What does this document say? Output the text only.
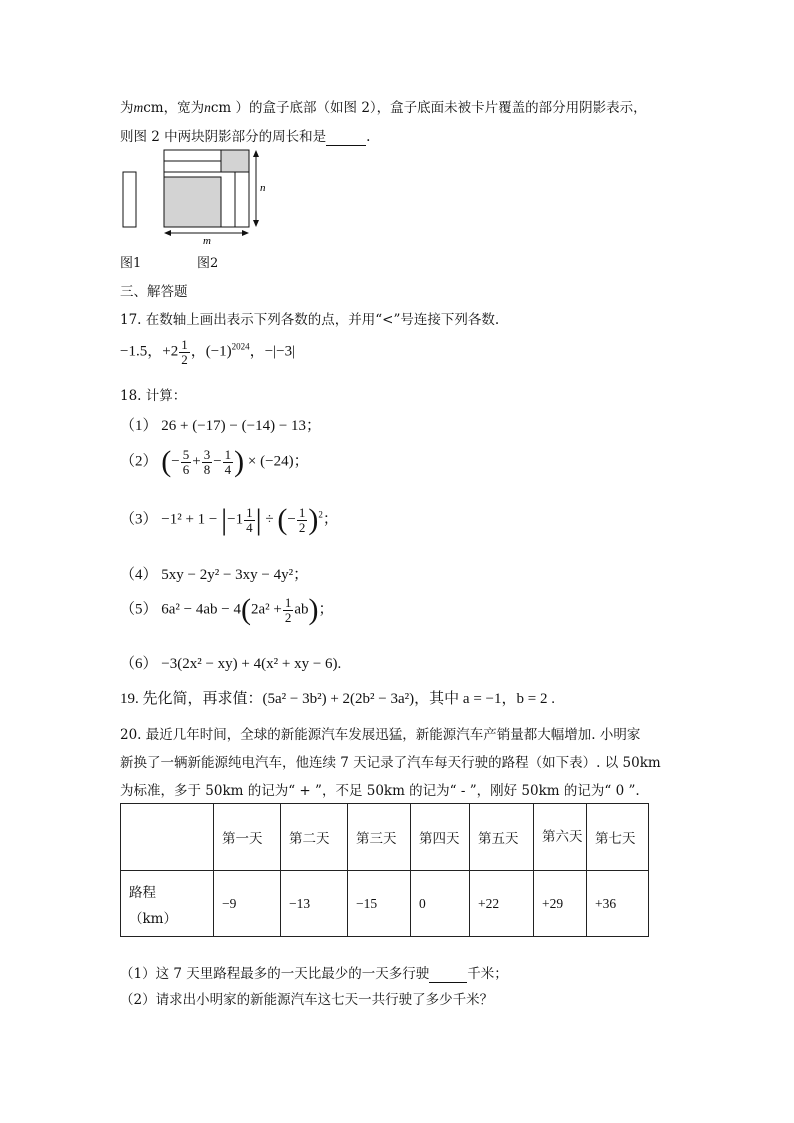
为mcm，宽为ncm ）的盒子底部（如图 2），盒子底面未被卡片覆盖的部分用阴影表示，
则图 2 中两块阴影部分的周长和是	.
n
m
图1	图2
三、解答题
17. 在数轴上画出表示下列各数的点，并用“<”号连接下列各数.
−1.5，$+2 \frac{1}{2}$ ，$(-1)^{2024}$，−|−3|
18. 计算：
（1） 26 + (−17) − (−14) − 13；
（2） (− $\frac{5}{6} + \frac{3}{8} - \frac{1}{4}$ ) × (−24)；
$(3) -1^2 + 1 - |-1 \frac{1}{4}$ | ÷ (− $\frac{1}{2} )^2$；
（4） 5xy − 2y² − 3xy − 4y²；
（5） $6a^2 - 4ab - 4(2a^2 + \frac{1}{2} ab)$；
（6） −3(2x² − xy) + 4(x² + xy − 6).
19. 先化简，再求值：(5a² − 3b²) + 2(2b² − 3a²)，其中 a = −1，b = 2 .
20. 最近几年时间，全球的新能源汽车发展迅猛，新能源汽车产销量都大幅增加. 小明家
新换了一辆新能源纯电汽车，他连续 7 天记录了汽车每天行驶的路程（如下表）. 以 50km
为标准，多于 50km 的记为“ + ”，不足 50km 的记为“ - ”，刚好 50km 的记为“ 0 ”.
	第一天	第二天	第三天	第四天	第五天	第六天	第七天

路程
（km）	−9	−13	−15	0	+22	+29	+36
（1）这 7 天里路程最多的一天比最少的一天多行驶	千米；
（2）请求出小明家的新能源汽车这七天一共行驶了多少千米？
